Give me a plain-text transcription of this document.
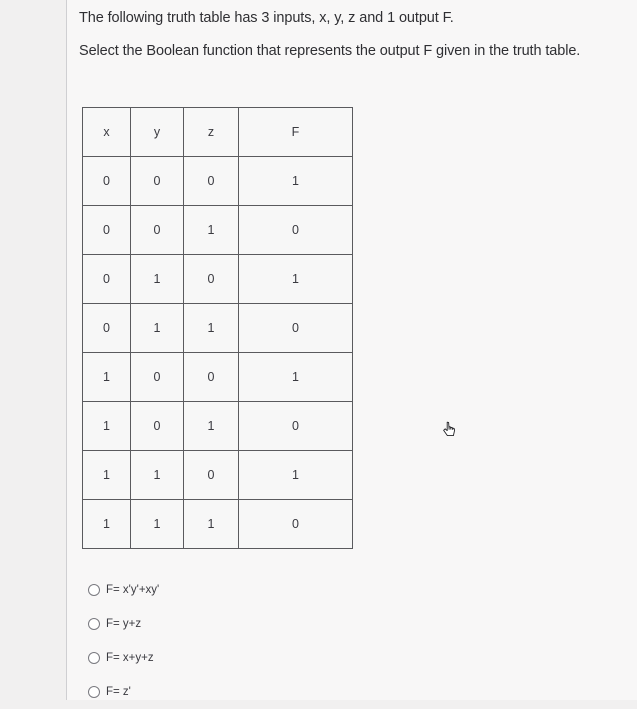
The following truth table has 3 inputs, x, y, z and 1 output F.
Select the Boolean function that represents the output F given in the truth table.
x	y	z	F
0	0	0	1
0	0	1	0
0	1	0	1
0	1	1	0
1	0	0	1
1	0	1	0
1	1	0	1
1	1	1	0
F= x'y'+xy'
F= y+z
F= x+y+z
F= z'
